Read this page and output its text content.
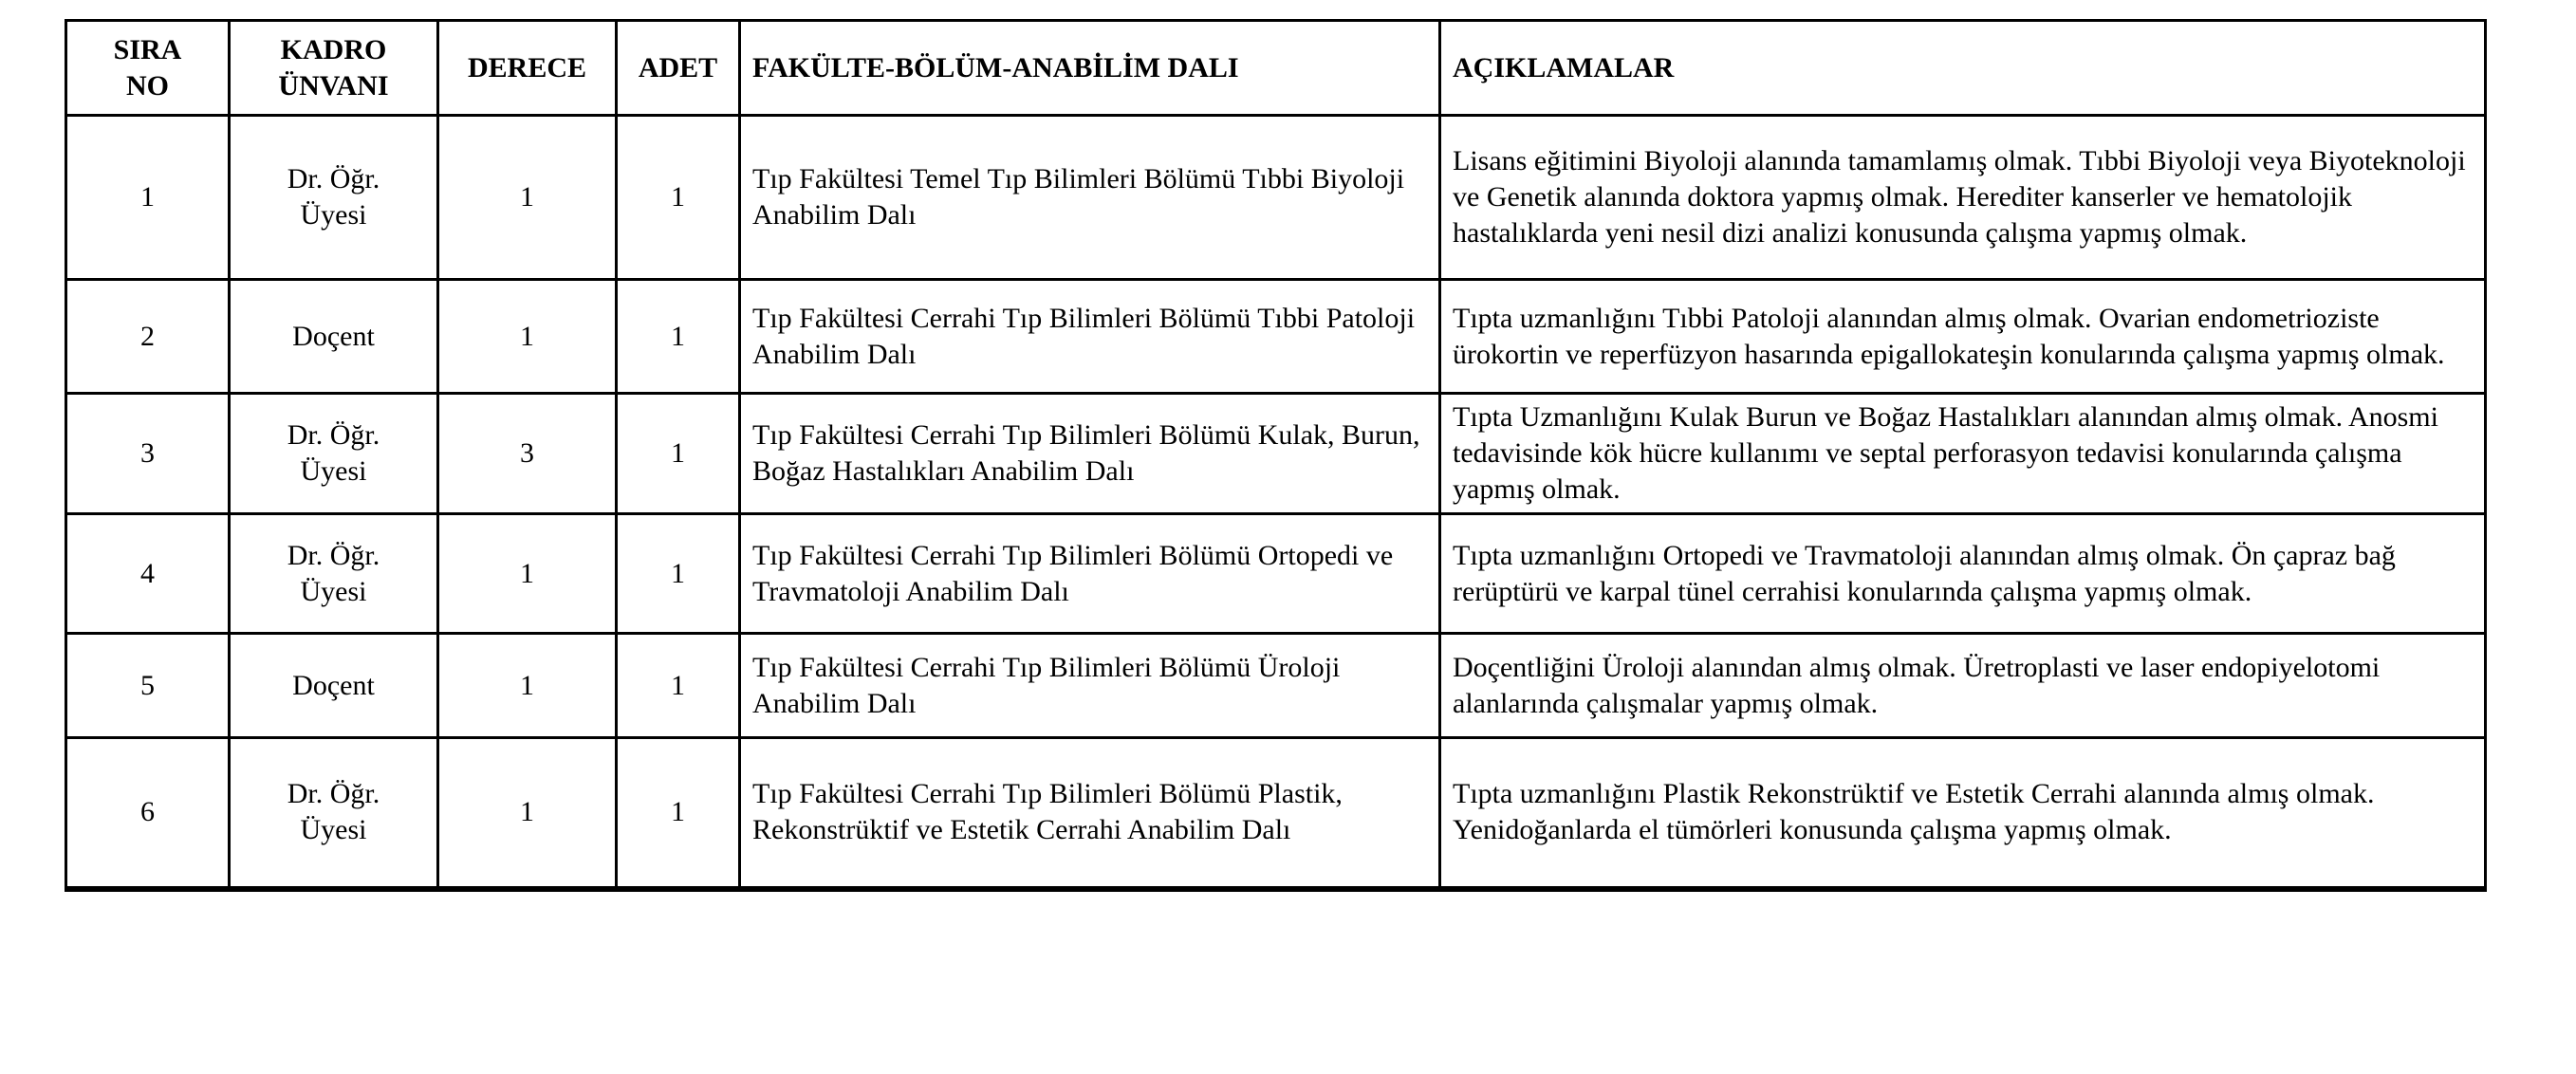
SIRA NO	KADRO ÜNVANI	DERECE	ADET	FAKÜLTE-BÖLÜM-ANABİLİM DALI	AÇIKLAMALAR
1	Dr. Öğr. Üyesi	1	1	Tıp Fakültesi Temel Tıp Bilimleri Bölümü Tıbbi Biyoloji Anabilim Dalı	Lisans eğitimini Biyoloji alanında tamamlamış olmak. Tıbbi Biyoloji veya Biyoteknoloji ve Genetik alanında doktora yapmış olmak. Herediter kanserler ve hematolojik hastalıklarda yeni nesil dizi analizi konusunda çalışma yapmış olmak.
2	Doçent	1	1	Tıp Fakültesi Cerrahi Tıp Bilimleri Bölümü Tıbbi Patoloji Anabilim Dalı	Tıpta uzmanlığını Tıbbi Patoloji alanından almış olmak. Ovarian endometrioziste ürokortin ve reperfüzyon hasarında epigallokateşin konularında çalışma yapmış olmak.
3	Dr. Öğr. Üyesi	3	1	Tıp Fakültesi Cerrahi Tıp Bilimleri Bölümü Kulak, Burun, Boğaz Hastalıkları Anabilim Dalı	Tıpta Uzmanlığını Kulak Burun ve Boğaz Hastalıkları alanından almış olmak. Anosmi tedavisinde kök hücre kullanımı ve septal perforasyon tedavisi konularında çalışma yapmış olmak.
4	Dr. Öğr. Üyesi	1	1	Tıp Fakültesi Cerrahi Tıp Bilimleri Bölümü Ortopedi ve Travmatoloji Anabilim Dalı	Tıpta uzmanlığını Ortopedi ve Travmatoloji alanından almış olmak. Ön çapraz bağ rerüptürü ve karpal tünel cerrahisi konularında çalışma yapmış olmak.
5	Doçent	1	1	Tıp Fakültesi Cerrahi Tıp Bilimleri Bölümü Üroloji Anabilim Dalı	Doçentliğini Üroloji alanından almış olmak. Üretroplasti ve laser endopiyelotomi alanlarında çalışmalar yapmış olmak.
6	Dr. Öğr. Üyesi	1	1	Tıp Fakültesi Cerrahi Tıp Bilimleri Bölümü Plastik, Rekonstrüktif ve Estetik Cerrahi Anabilim Dalı	Tıpta uzmanlığını Plastik Rekonstrüktif ve Estetik Cerrahi alanında almış olmak. Yenidoğanlarda el tümörleri konusunda çalışma yapmış olmak.
